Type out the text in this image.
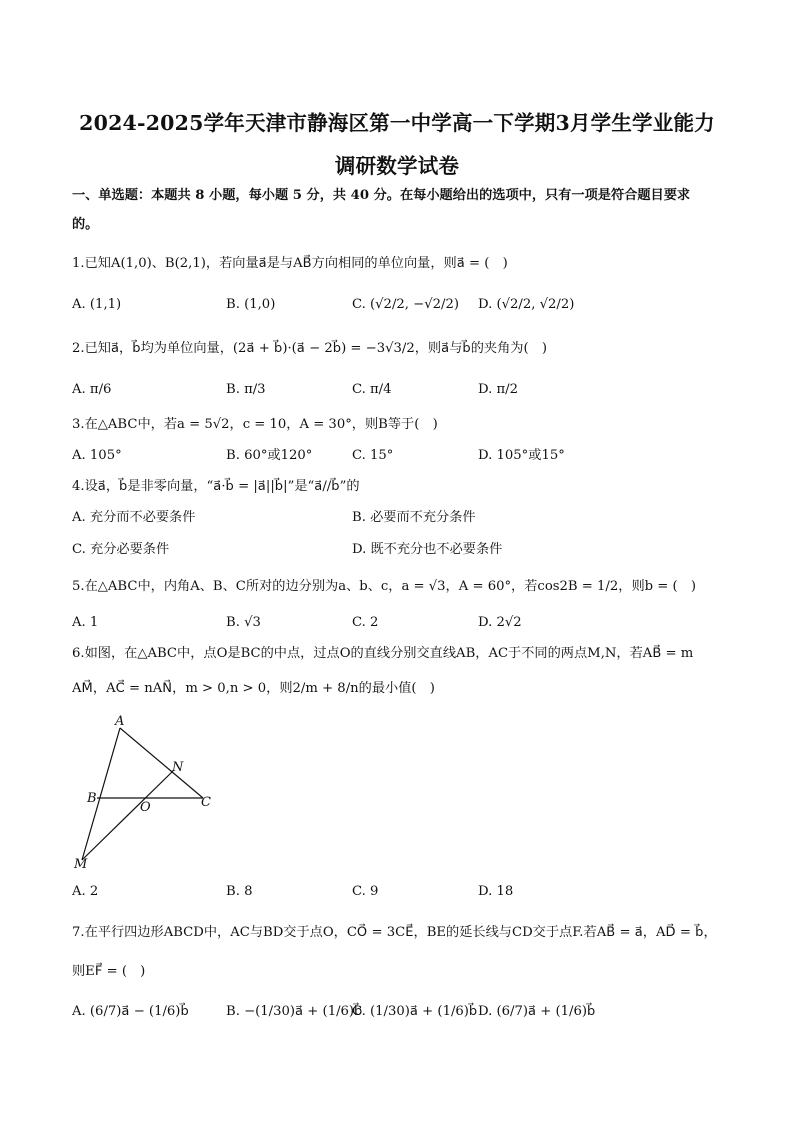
2024-2025学年天津市静海区第一中学高一下学期3月学生学业能力
调研数学试卷
一、单选题：本题共 8 小题，每小题 5 分，共 40 分。在每小题给出的选项中，只有一项是符合题目要求
的。
1.已知A(1,0)、B(2,1)，若向量a⃗是与AB⃗方向相同的单位向量，则a⃗ = (　)
A. (1,1)	B. (1,0)	C. (√2/2, −√2/2) D. (√2/2, √2/2)
2.已知a⃗，b⃗均为单位向量，(2a⃗ + b⃗)·(a⃗ − 2b⃗) = −3√3/2，则a⃗与b⃗的夹角为(　)
A. π/6	B. π/3	C. π/4	D. π/2
3.在△ABC中，若a = 5√2，c = 10，A = 30°，则B等于(　)
A. 105°	B. 60°或120°	C. 15°	D. 105°或15°
4.设a⃗，b⃗是非零向量，“a⃗·b⃗ = |a⃗||b⃗|”是“a⃗//b⃗”的
A. 充分而不必要条件	B. 必要而不充分条件
C. 充分必要条件	D. 既不充分也不必要条件
5.在△ABC中，内角A、B、C所对的边分别为a、b、c，a = √3，A = 60°，若cos2B = 1/2，则b = (　)
A. 1	B. √3	C. 2	D. 2√2
6.如图，在△ABC中，点O是BC的中点，过点O的直线分别交直线AB，AC于不同的两点M,N，若AB⃗ = m
AM⃗，AC⃗ = nAN⃗，m > 0,n > 0，则2/m + 8/n的最小值(　)
A
N
B
O	C
M
A. 2	B. 8	C. 9	D. 18
7.在平行四边形ABCD中，AC与BD交于点O，CO⃗ = 3CE⃗，BE的延长线与CD交于点F.若AB⃗ = a⃗，AD⃗ = b⃗，
则EF⃗ = (　)
A. (6/7)a⃗ − (1/6)b⃗	B. −(1/30)a⃗ + (1/6)b⃗
C. (1/30)a⃗ + (1/6)b⃗ D. (6/7)a⃗ + (1/6)b⃗
